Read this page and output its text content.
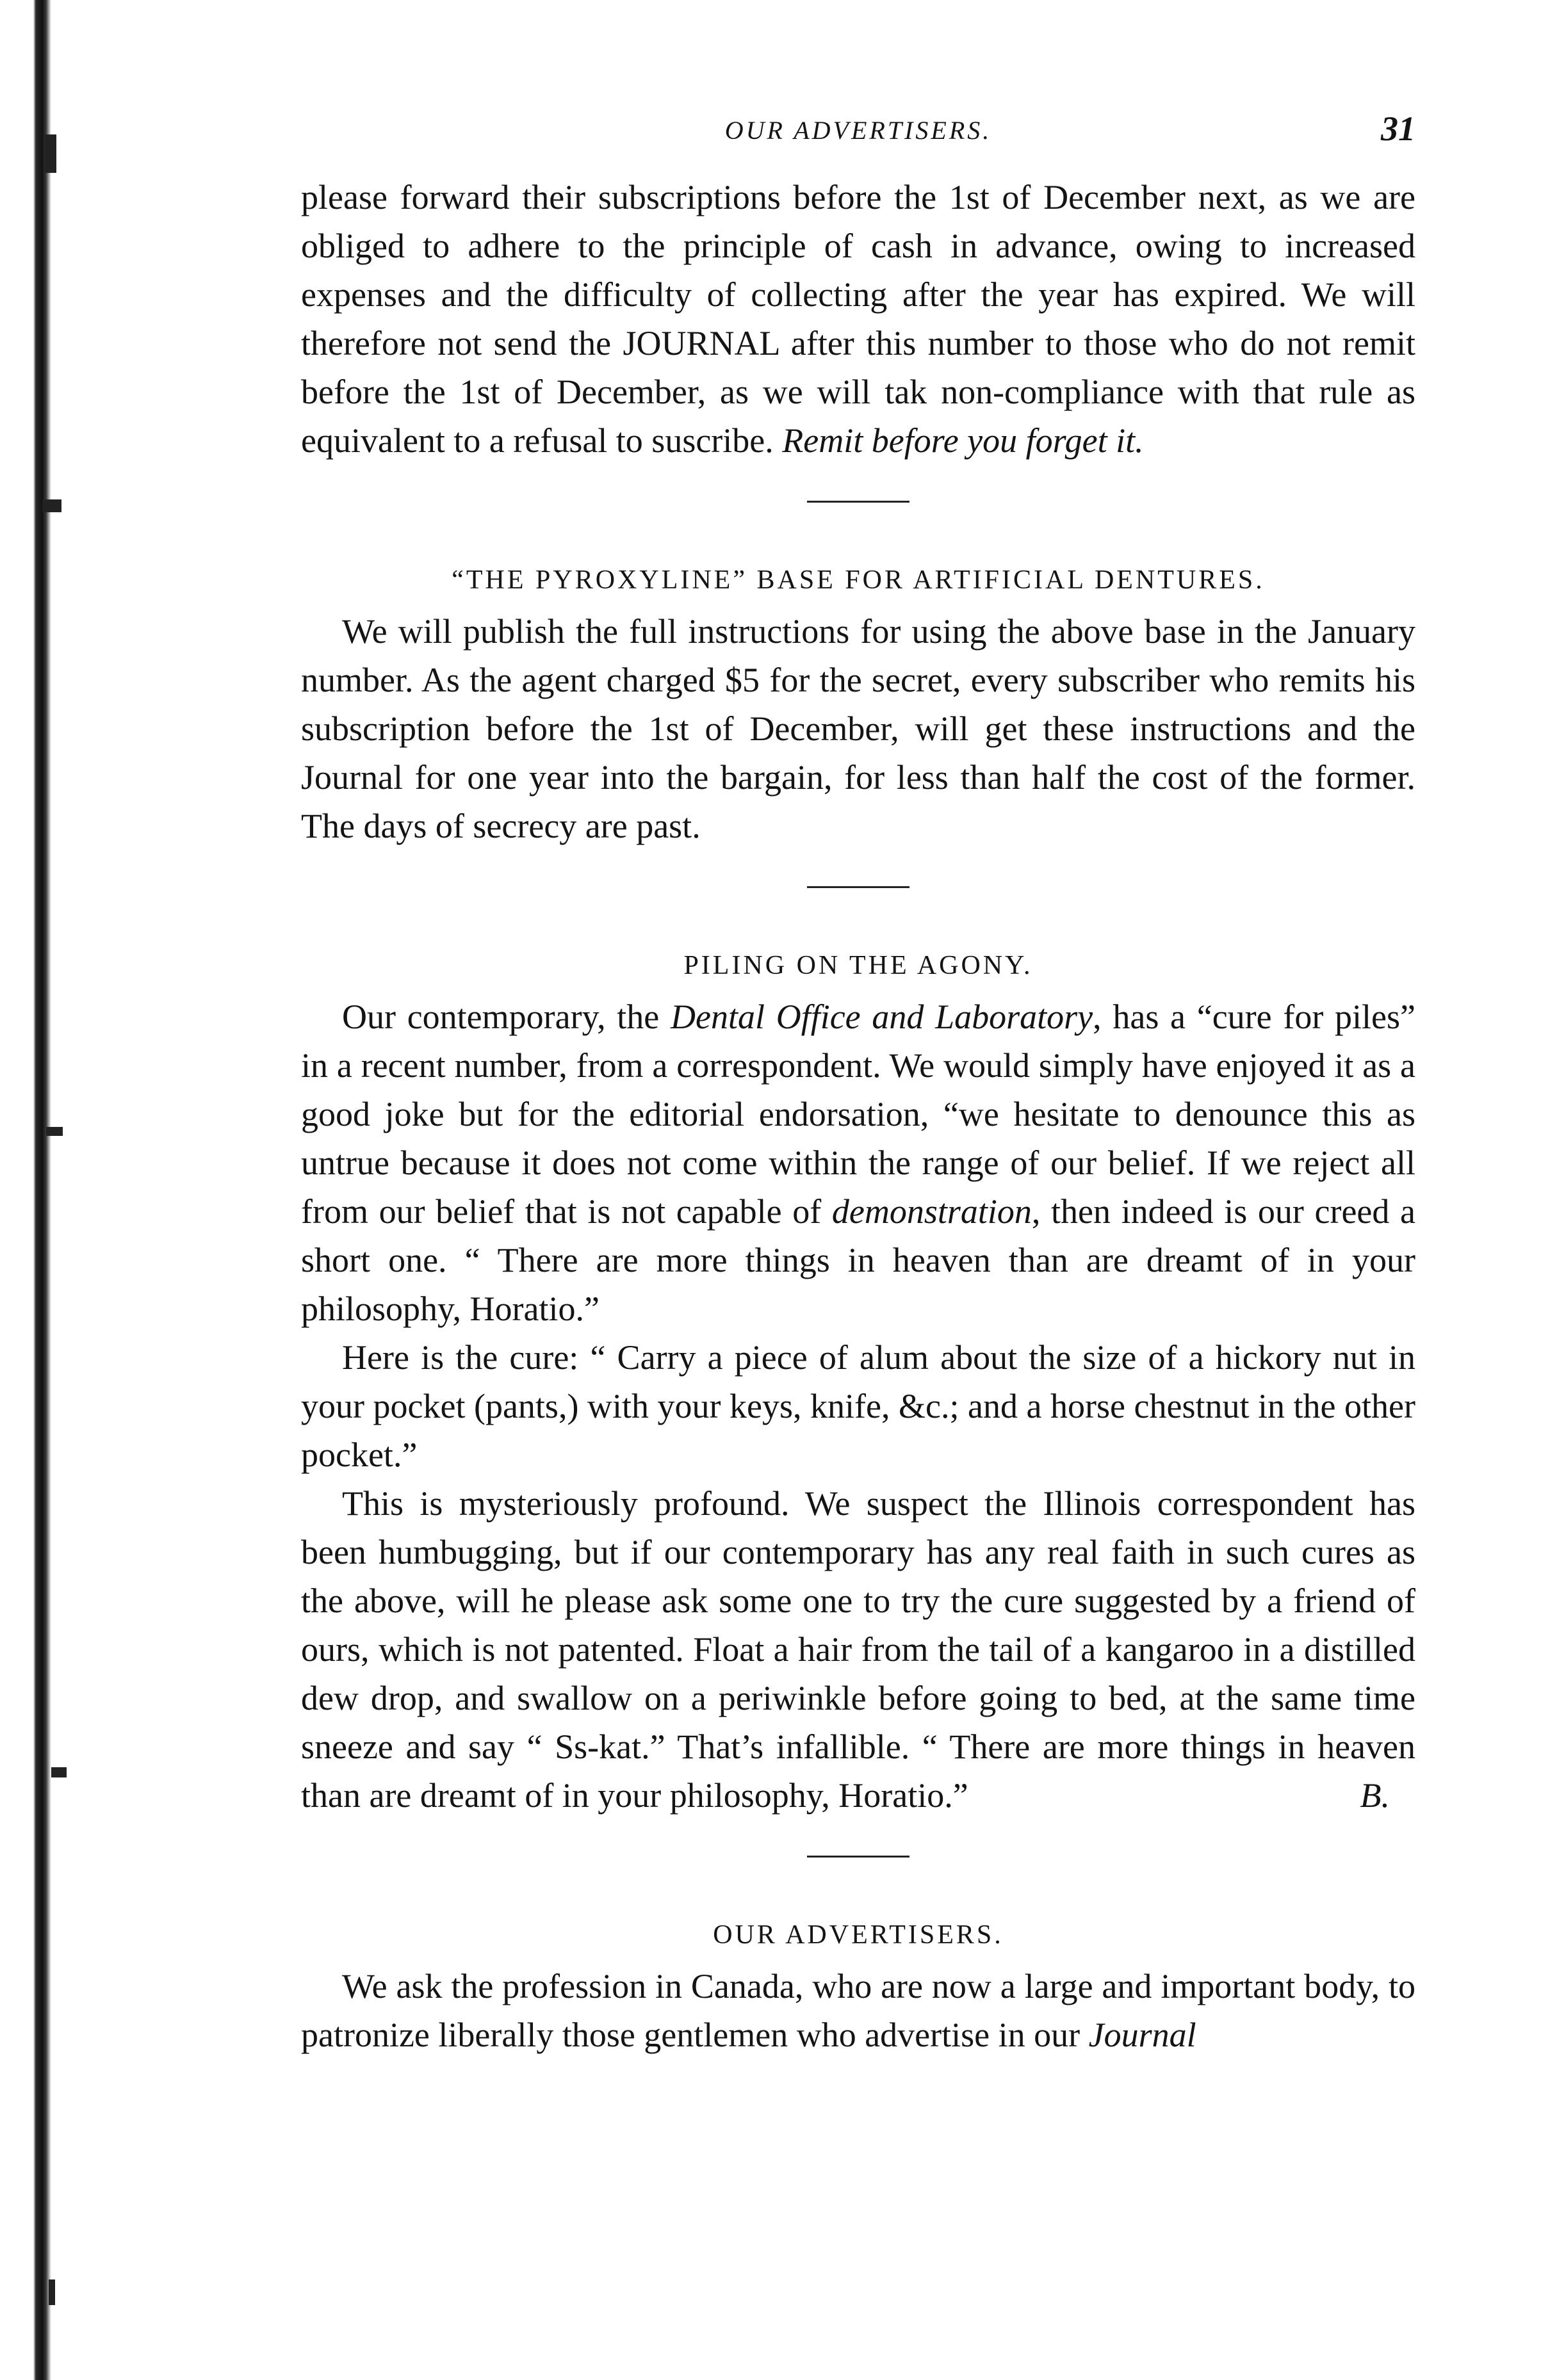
OUR ADVERTISERS.	31

please forward their subscriptions before the 1st of December next, as we are obliged to adhere to the principle of cash in advance, owing to increased expenses and the difficulty of collecting after the year has expired. We will therefore not send the JOURNAL after this number to those who do not remit before the 1st of December, as we will tak non-compliance with that rule as equivalent to a refusal to suscribe. Remit before you forget it.

“THE PYROXYLINE” BASE FOR ARTIFICIAL DENTURES.

We will publish the full instructions for using the above base in the January number. As the agent charged $5 for the secret, every subscriber who remits his subscription before the 1st of December, will get these instructions and the Journal for one year into the bargain, for less than half the cost of the former. The days of secrecy are past.

PILING ON THE AGONY.

Our contemporary, the Dental Office and Laboratory, has a “cure for piles” in a recent number, from a correspondent. We would simply have enjoyed it as a good joke but for the editorial endorsation, “we hesitate to denounce this as untrue because it does not come within the range of our belief. If we reject all from our belief that is not capable of demonstration, then indeed is our creed a short one. “ There are more things in heaven than are dreamt of in your philosophy, Horatio.”

Here is the cure: “ Carry a piece of alum about the size of a hickory nut in your pocket (pants,) with your keys, knife, &c.; and a horse chestnut in the other pocket.”

This is mysteriously profound. We suspect the Illinois correspondent has been humbugging, but if our contemporary has any real faith in such cures as the above, will he please ask some one to try the cure suggested by a friend of ours, which is not patented. Float a hair from the tail of a kangaroo in a distilled dew drop, and swallow on a periwinkle before going to bed, at the same time sneeze and say “ Ss-kat.” That’s infallible. “ There are more things in heaven than are dreamt of in your philosophy, Horatio.”	B.

OUR ADVERTISERS.

We ask the profession in Canada, who are now a large and important body, to patronize liberally those gentlemen who advertise in our Journal
